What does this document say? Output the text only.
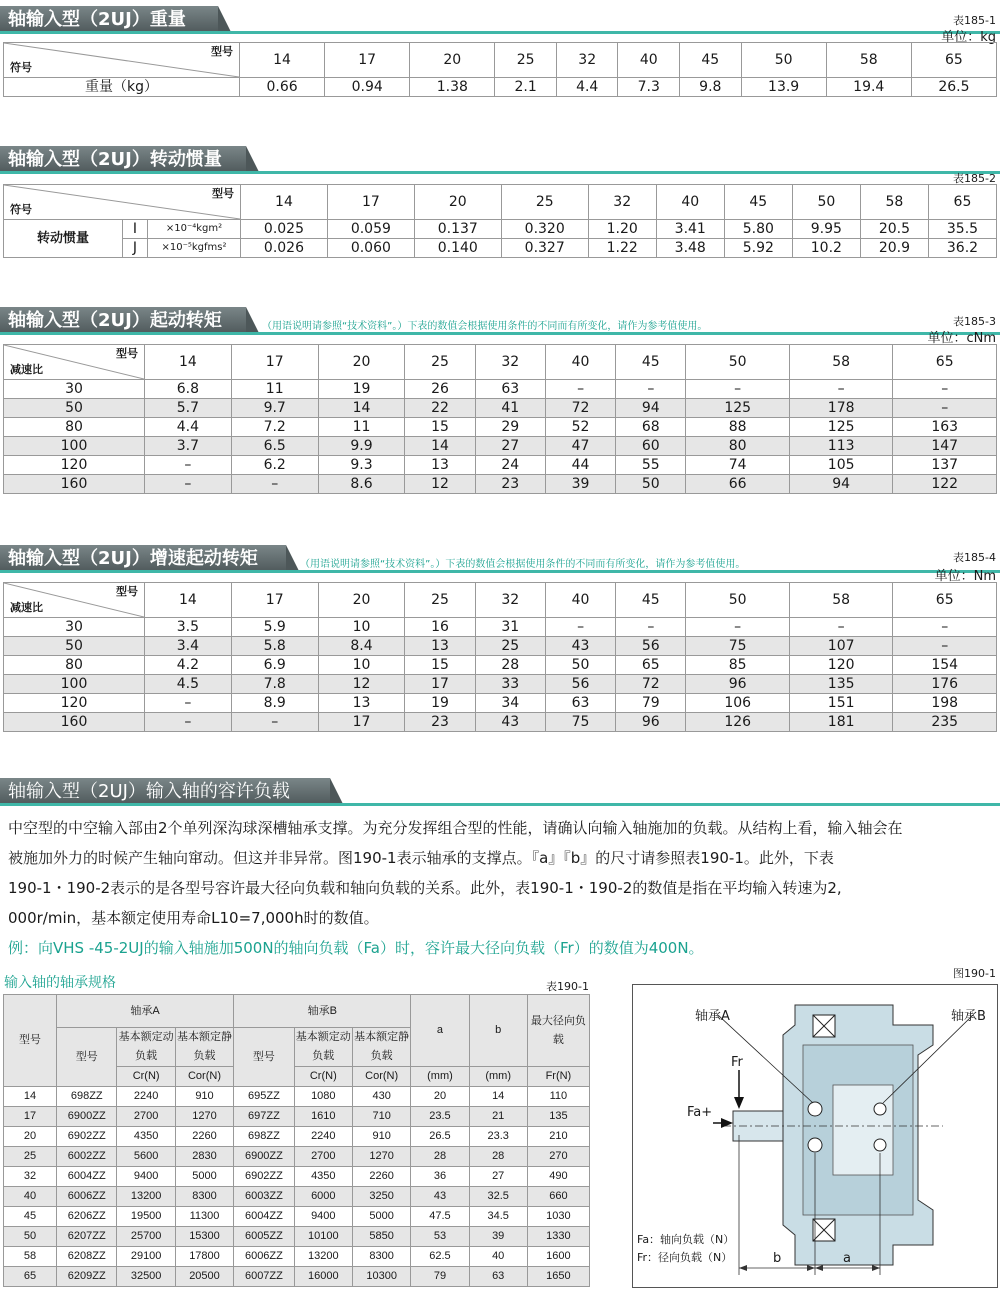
轴输入型（2UJ）重量	表185-1
单位：kg
型号
符号	14	17	20	25	32	40	45	50	58	65
重量（kg）	0.66	0.94	1.38	2.1	4.4	7.3	9.8	13.9	19.4	26.5
轴输入型（2UJ）转动惯量
表185-2
型号
符号			14	17	20	25	32	40	45	50	58	65
转动惯量	I	×10⁻⁴kgm²	0.025	0.059	0.137	0.320	1.20	3.41	5.80	9.95	20.5	35.5
	J	×10⁻⁵kgfms²	0.026	0.060	0.140	0.327	1.22	3.48	5.92	10.2	20.9	36.2
轴输入型（2UJ）起动转矩	（用语说明请参照“技术资料”。）下表的数值会根据使用条件的不同而有所变化，请作为参考值使用。	表185-3
单位：cNm
型号
减速比	14	17	20	25	32	40	45	50	58	65
30	6.8	11	19	26	63	–	–	–	–	–
50	5.7	9.7	14	22	41	72	94	125	178	–
80	4.4	7.2	11	15	29	52	68	88	125	163
100	3.7	6.5	9.9	14	27	47	60	80	113	147
120	–	6.2	9.3	13	24	44	55	74	105	137
160	–	–	8.6	12	23	39	50	66	94	122
轴输入型（2UJ）增速起动转矩	（用语说明请参照“技术资料”。）下表的数值会根据使用条件的不同而有所变化，请作为参考值使用。
表185-4
单位：Nm
型号
减速比	14	17	20	25	32	40	45	50	58	65
30	3.5	5.9	10	16	31	–	–	–	–	–
50	3.4	5.8	8.4	13	25	43	56	75	107	–
80	4.2	6.9	10	15	28	50	65	85	120	154
100	4.5	7.8	12	17	33	56	72	96	135	176
120	–	8.9	13	19	34	63	79	106	151	198
160	–	–	17	23	43	75	96	126	181	235
轴输入型（2UJ）输入轴的容许负载
中空型的中空输入部由2个单列深沟球深槽轴承支撑。为充分发挥组合型的性能，请确认向输入轴施加的负载。从结构上看，输入轴会在
被施加外力的时候产生轴向窜动。但这并非异常。图190-1表示轴承的支撑点。『a』『b』的尺寸请参照表190-1。此外，下表
190-1・190-2表示的是各型号容许最大径向负载和轴向负载的关系。此外，表190-1・190-2的数值是指在平均输入转速为2,
000r/min，基本额定使用寿命L10=7,000h时的数值。
例：向VHS -45-2UJ的输入轴施加500N的轴向负载（Fa）时，容许最大径向负载（Fr）的数值为400N。
输入轴的轴承规格	表190-1
图190-1
型号	轴承A			轴承B			a	b	最大径向负载
	型号	基本额定动负载	基本额定静负载	型号	基本额定动负载	基本额定静负载			
		Cr(N)	Cor(N)		Cr(N)	Cor(N)	(mm)	(mm)	Fr(N)
14	698ZZ	2240	910	695ZZ	1080	430	20	14	110
17	6900ZZ	2700	1270	697ZZ	1610	710	23.5	21	135
20	6902ZZ	4350	2260	698ZZ	2240	910	26.5	23.3	210
25	6002ZZ	5600	2830	6900ZZ	2700	1270	28	28	270
32	6004ZZ	9400	5000	6902ZZ	4350	2260	36	27	490
40	6006ZZ	13200	8300	6003ZZ	6000	3250	43	32.5	660
45	6206ZZ	19500	11300	6004ZZ	9400	5000	47.5	34.5	1030
50	6207ZZ	25700	15300	6005ZZ	10100	5850	53	39	1330
58	6208ZZ	29100	17800	6006ZZ	13200	8300	62.5	40	1600
65	6209ZZ	32500	20500	6007ZZ	16000	10300	79	63	1650
轴承A	轴承B
Fr
Fa+
Fa：轴向负载（N）
Fr：径向负载（N）	b	a
